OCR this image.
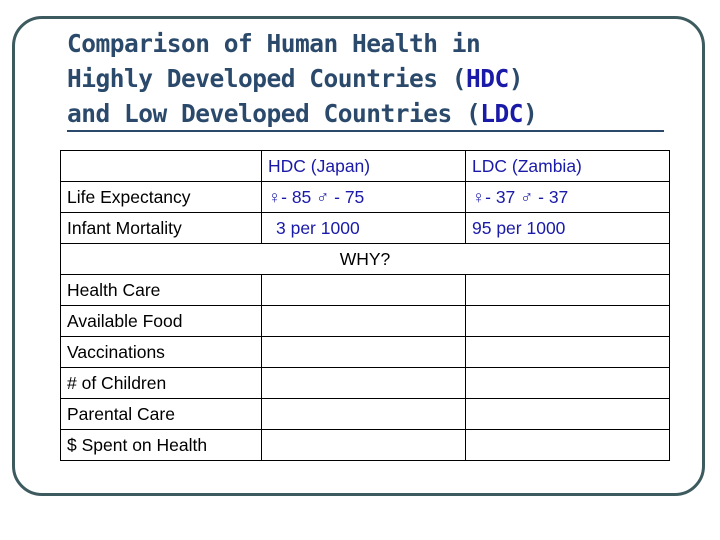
Comparison of Human Health in
Highly Developed Countries (HDC)
and Low Developed Countries (LDC)
	HDC (Japan)	LDC (Zambia)
Life Expectancy	♀- 85 ♂ - 75	♀- 37 ♂ - 37
Infant Mortality	3 per 1000	95 per 1000
WHY?		
Health Care		
Available Food		
Vaccinations		
# of Children		
Parental Care		
$ Spent on Health		
